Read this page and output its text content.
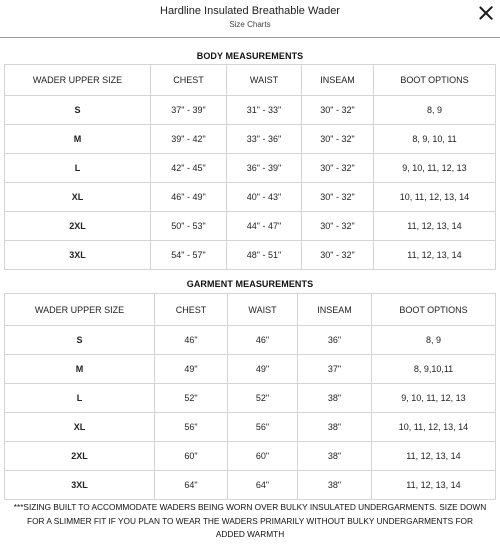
Hardline Insulated Breathable Wader
Size Charts
BODY MEASUREMENTS
WADER UPPER SIZE	CHEST	WAIST	INSEAM	BOOT OPTIONS
S	37" - 39"	31" - 33"	30" - 32"	8, 9
M	39" - 42"	33" - 36"	30" - 32"	8, 9, 10, 11
L	42" - 45"	36" - 39"	30" - 32"	9, 10, 11, 12, 13
XL	46" - 49"	40" - 43"	30" - 32"	10, 11, 12, 13, 14
2XL	50" - 53"	44" - 47"	30" - 32"	11, 12, 13, 14
3XL	54" - 57"	48" - 51"	30" - 32"	11, 12, 13, 14
GARMENT MEASUREMENTS
WADER UPPER SIZE	CHEST	WAIST	INSEAM	BOOT OPTIONS
S	46"	46"	36"	8, 9
M	49"	49"	37"	8, 9,10,11
L	52"	52"	38"	9, 10, 11, 12, 13
XL	56"	56"	38"	10, 11, 12, 13, 14
2XL	60"	60"	38"	11, 12, 13, 14
3XL	64"	64"	38"	11, 12, 13, 14
***SIZING BUILT TO ACCOMMODATE WADERS BEING WORN OVER BULKY INSULATED UNDERGARMENTS. SIZE DOWN FOR A SLIMMER FIT IF YOU PLAN TO WEAR THE WADERS PRIMARILY WITHOUT BULKY UNDERGARMENTS FOR ADDED WARMTH
